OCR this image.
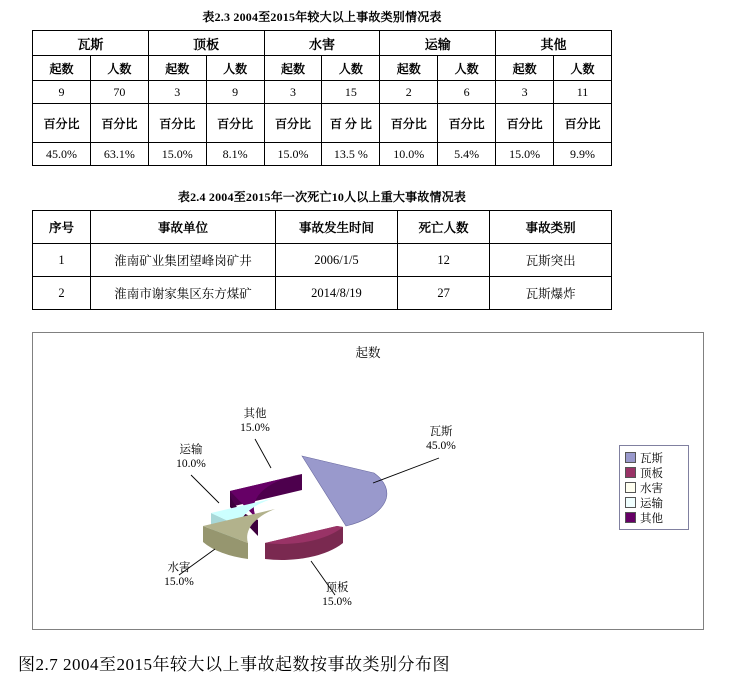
表2.3 2004至2015年较大以上事故类别情况表
瓦斯		顶板		水害		运输		其他	
起数	人数	起数	人数	起数	人数	起数	人数	起数	人数
9	70	3	9	3	15	2	6	3	11
百分比	百分比	百分比	百分比	百分比	百 分 比	百分比	百分比	百分比	百分比
45.0%	63.1%	15.0%	8.1%	15.0%	13.5 %	10.0%	5.4%	15.0%	9.9%
表2.4 2004至2015年一次死亡10人以上重大事故情况表
序号	事故单位	事故发生时间	死亡人数	事故类别
1	淮南矿业集团望峰岗矿井	2006/1/5	12	瓦斯突出
2	淮南市谢家集区东方煤矿	2014/8/19	27	瓦斯爆炸
起数
瓦斯
45.0%
其他
15.0%
运输
10.0%
水害
15.0%	顶板
15.0%
瓦斯
顶板
水害
运输
其他
图2.7 2004至2015年较大以上事故起数按事故类别分布图
